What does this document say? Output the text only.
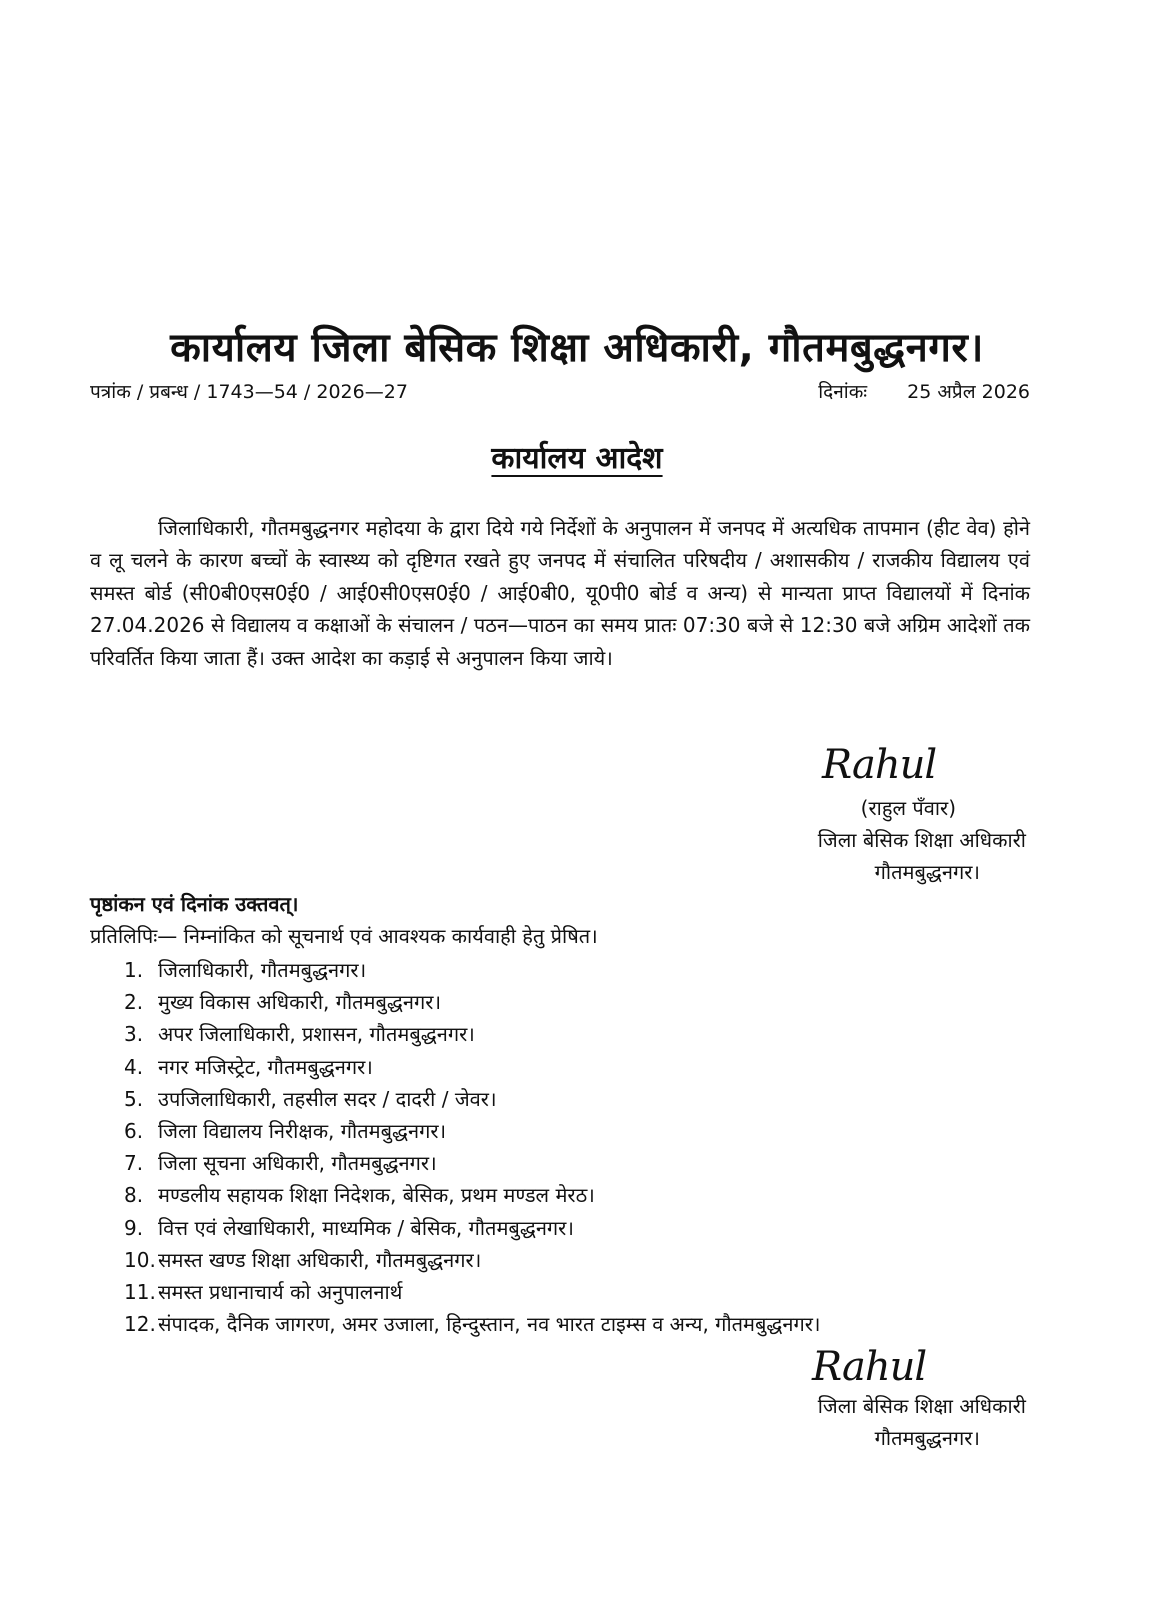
कार्यालय जिला बेसिक शिक्षा अधिकारी, गौतमबुद्धनगर।
पत्रांक / प्रबन्ध / 1743—54 / 2026—27	दिनांकः 25 अप्रैल 2026
कार्यालय आदेश

जिलाधिकारी, गौतमबुद्धनगर महोदया के द्वारा दिये गये निर्देशों के अनुपालन में जनपद में अत्यधिक तापमान (हीट वेव) होने व लू चलने के कारण बच्चों के स्वास्थ्य को दृष्टिगत रखते हुए जनपद में संचालित परिषदीय / अशासकीय / राजकीय विद्यालय एवं समस्त बोर्ड (सी0बी0एस0ई0 / आई0सी0एस0ई0 / आई0बी0, यू0पी0 बोर्ड व अन्य) से मान्यता प्राप्त विद्यालयों में दिनांक 27.04.2026 से विद्यालय व कक्षाओं के संचालन / पठन—पाठन का समय प्रातः 07:30 बजे से 12:30 बजे अग्रिम आदेशों तक परिवर्तित किया जाता हैं। उक्त आदेश का कड़ाई से अनुपालन किया जाये।

Rahul
(राहुल पँवार)
जिला बेसिक शिक्षा अधिकारी
गौतमबुद्धनगर।
पृष्ठांकन एवं दिनांक उक्तवत्।
प्रतिलिपिः— निम्नांकित को सूचनार्थ एवं आवश्यक कार्यवाही हेतु प्रेषित।
1. जिलाधिकारी, गौतमबुद्धनगर।
2. मुख्य विकास अधिकारी, गौतमबुद्धनगर।
3. अपर जिलाधिकारी, प्रशासन, गौतमबुद्धनगर।
4. नगर मजिस्ट्रेट, गौतमबुद्धनगर।
5. उपजिलाधिकारी, तहसील सदर / दादरी / जेवर।
6. जिला विद्यालय निरीक्षक, गौतमबुद्धनगर।
7. जिला सूचना अधिकारी, गौतमबुद्धनगर।
8. मण्डलीय सहायक शिक्षा निदेशक, बेसिक, प्रथम मण्डल मेरठ।
9. वित्त एवं लेखाधिकारी, माध्यमिक / बेसिक, गौतमबुद्धनगर।
10. समस्त खण्ड शिक्षा अधिकारी, गौतमबुद्धनगर।
11. समस्त प्रधानाचार्य को अनुपालनार्थ
12. संपादक, दैनिक जागरण, अमर उजाला, हिन्दुस्तान, नव भारत टाइम्स व अन्य, गौतमबुद्धनगर।
Rahul
जिला बेसिक शिक्षा अधिकारी
गौतमबुद्धनगर।
